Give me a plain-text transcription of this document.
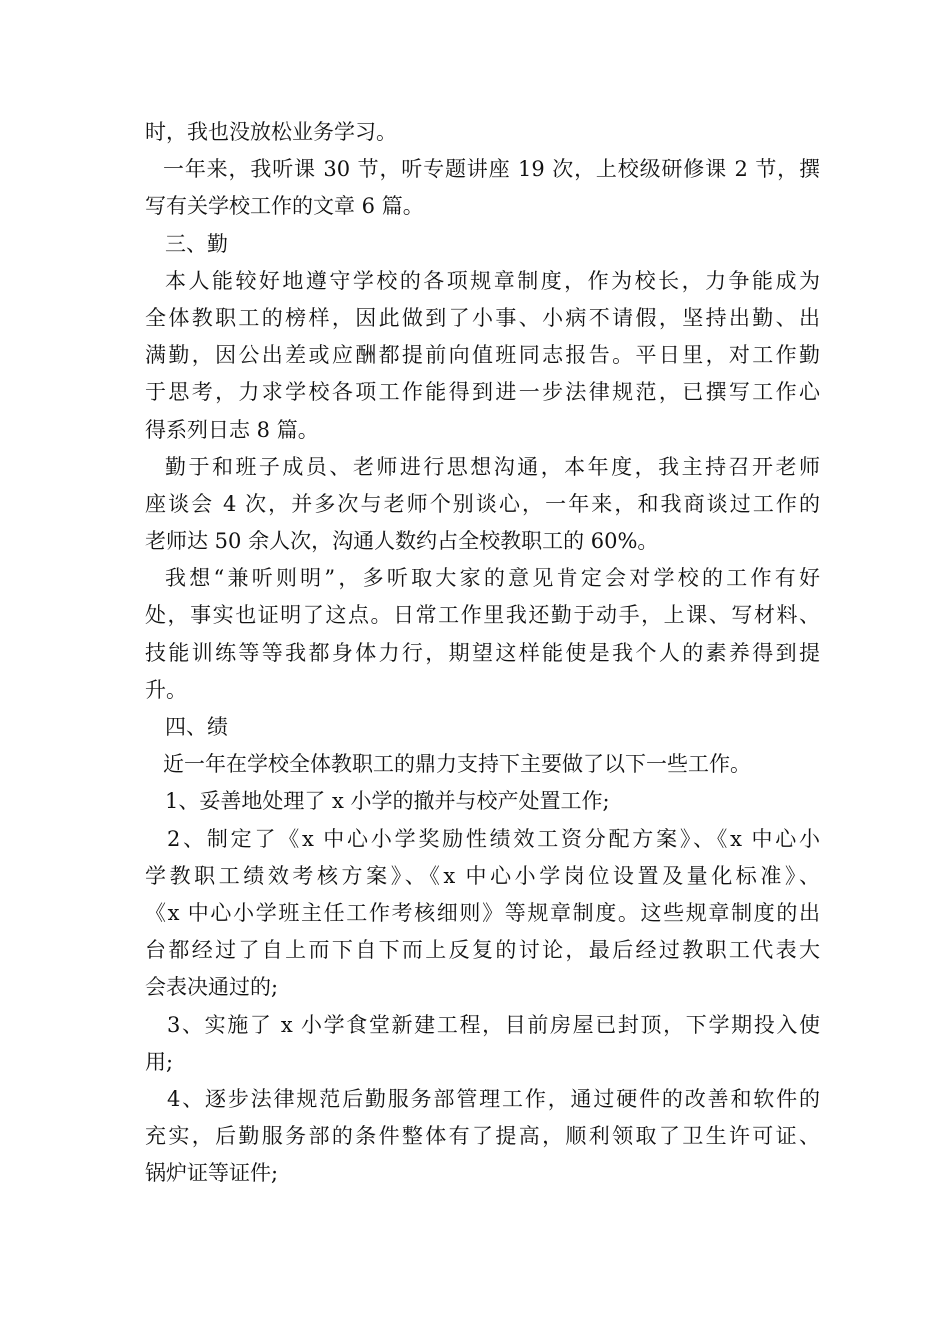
时，我也没放松业务学习。
一年来，我听课 30 节，听专题讲座 19 次，上校级研修课 2 节，撰
写有关学校工作的文章 6 篇。
三、勤
本人能较好地遵守学校的各项规章制度，作为校长，力争能成为
全体教职工的榜样，因此做到了小事、小病不请假，坚持出勤、出
满勤，因公出差或应酬都提前向值班同志报告。平日里，对工作勤
于思考，力求学校各项工作能得到进一步法律规范，已撰写工作心
得系列日志 8 篇。
勤于和班子成员、老师进行思想沟通，本年度，我主持召开老师
座谈会 4 次，并多次与老师个别谈心，一年来，和我商谈过工作的
老师达 50 余人次，沟通人数约占全校教职工的 60%。
我想“兼听则明”，多听取大家的意见肯定会对学校的工作有好
处，事实也证明了这点。日常工作里我还勤于动手，上课、写材料、
技能训练等等我都身体力行，期望这样能使是我个人的素养得到提
升。
四、绩
近一年在学校全体教职工的鼎力支持下主要做了以下一些工作。
1、妥善地处理了 x 小学的撤并与校产处置工作;
2、制定了《x 中心小学奖励性绩效工资分配方案》、《x 中心小
学教职工绩效考核方案》、《x 中心小学岗位设置及量化标准》、
《x 中心小学班主任工作考核细则》等规章制度。这些规章制度的出
台都经过了自上而下自下而上反复的讨论，最后经过教职工代表大
会表决通过的;
3、实施了 x 小学食堂新建工程，目前房屋已封顶，下学期投入使
用;
4、逐步法律规范后勤服务部管理工作，通过硬件的改善和软件的
充实，后勤服务部的条件整体有了提高，顺利领取了卫生许可证、
锅炉证等证件;
